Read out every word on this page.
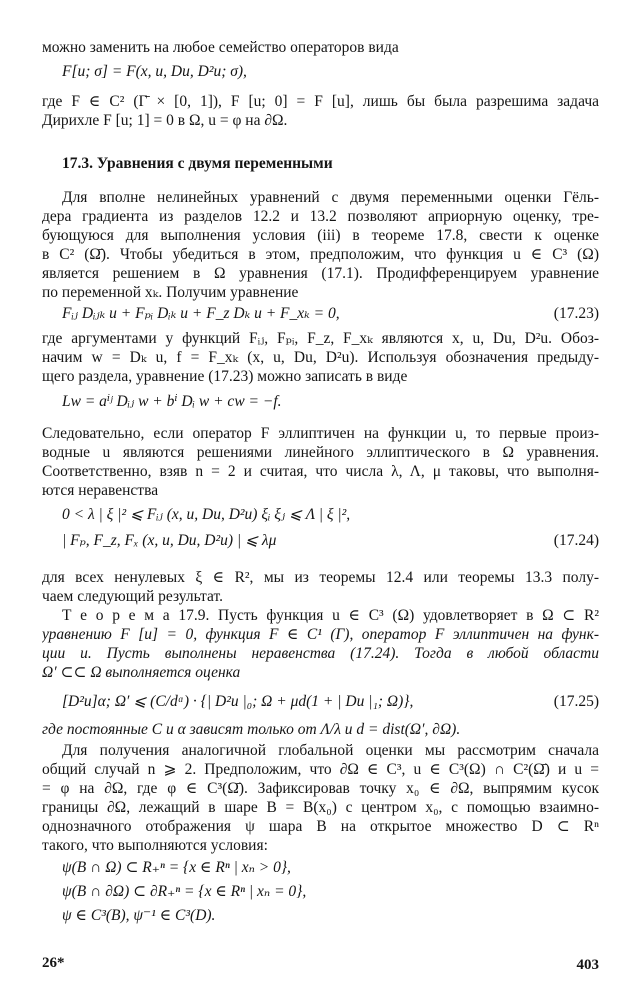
можно заменить на любое семейство операторов вида
F[u; σ] = F(x, u, Du, D²u; σ),
где F ∈ C² (Γ̄ × [0, 1]), F [u; 0] = F [u], лишь бы была разрешима задача
Дирихле F [u; 1] = 0 в Ω, u = φ на ∂Ω.
17.3. Уравнения с двумя переменными
Для вполне нелинейных уравнений с двумя переменными оценки Гёль-
дера градиента из разделов 12.2 и 13.2 позволяют априорную оценку, тре-
бующуюся для выполнения условия (iii) в теореме 17.8, свести к оценке
в C² (Ω̄). Чтобы убедиться в этом, предположим, что функция u ∈ C³ (Ω)
является решением в Ω уравнения (17.1). Продифференцируем уравнение
по переменной xₖ. Получим уравнение
Fᵢⱼ Dᵢⱼₖ u + Fₚᵢ Dᵢₖ u + F_z Dₖ u + F_xₖ = 0,	(17.23)
где аргументами у функций Fᵢⱼ, Fₚᵢ, F_z, F_xₖ являются x, u, Du, D²u. Обоз-
начим w = Dₖ u, f = F_xₖ (x, u, Du, D²u). Используя обозначения предыду-
щего раздела, уравнение (17.23) можно записать в виде
Lw = aⁱʲ Dᵢⱼ w + bⁱ Dᵢ w + cw = −f.
Следовательно, если оператор F эллиптичен на функции u, то первые произ-
водные u являются решениями линейного эллиптического в Ω уравнения.
Соответственно, взяв n = 2 и считая, что числа λ, Λ, μ таковы, что выполня-
ются неравенства
0 < λ | ξ |² ⩽ Fᵢⱼ (x, u, Du, D²u) ξᵢ ξⱼ ⩽ Λ | ξ |²,
| Fₚ, F_z, Fₓ (x, u, Du, D²u) | ⩽ λμ	(17.24)
для всех ненулевых ξ ∈ R², мы из теоремы 12.4 или теоремы 13.3 полу-
чаем следующий результат.
Т е о р е м а 17.9. Пусть функция u ∈ C³ (Ω) удовлетворяет в Ω ⊂ R²
уравнению F [u] = 0, функция F ∈ C¹ (Γ), оператор F эллиптичен на функ-
ции u. Пусть выполнены неравенства (17.24). Тогда в любой области
Ω′ ⊂⊂ Ω выполняется оценка
[D²u]α; Ω′ ⩽ (C/dᵅ) · {| D²u |₀; Ω + μd(1 + | Du |₁; Ω)},	(17.25)
где постоянные C и α зависят только от Λ/λ и d = dist(Ω′, ∂Ω).
Для получения аналогичной глобальной оценки мы рассмотрим сначала
общий случай n ⩾ 2. Предположим, что ∂Ω ∈ C³, u ∈ C³(Ω) ∩ C²(Ω̄) и u =
= φ на ∂Ω, где φ ∈ C³(Ω̄). Зафиксировав точку x₀ ∈ ∂Ω, выпрямим кусок
границы ∂Ω, лежащий в шаре B = B(x₀) с центром x₀, с помощью взаимно-
однозначного отображения ψ шара B на открытое множество D ⊂ Rⁿ
такого, что выполняются условия:
ψ(B ∩ Ω) ⊂ R₊ⁿ = {x ∈ Rⁿ | xₙ > 0},
ψ(B ∩ ∂Ω) ⊂ ∂R₊ⁿ = {x ∈ Rⁿ | xₙ = 0},
ψ ∈ C³(B), ψ⁻¹ ∈ C³(D).
26*	403
